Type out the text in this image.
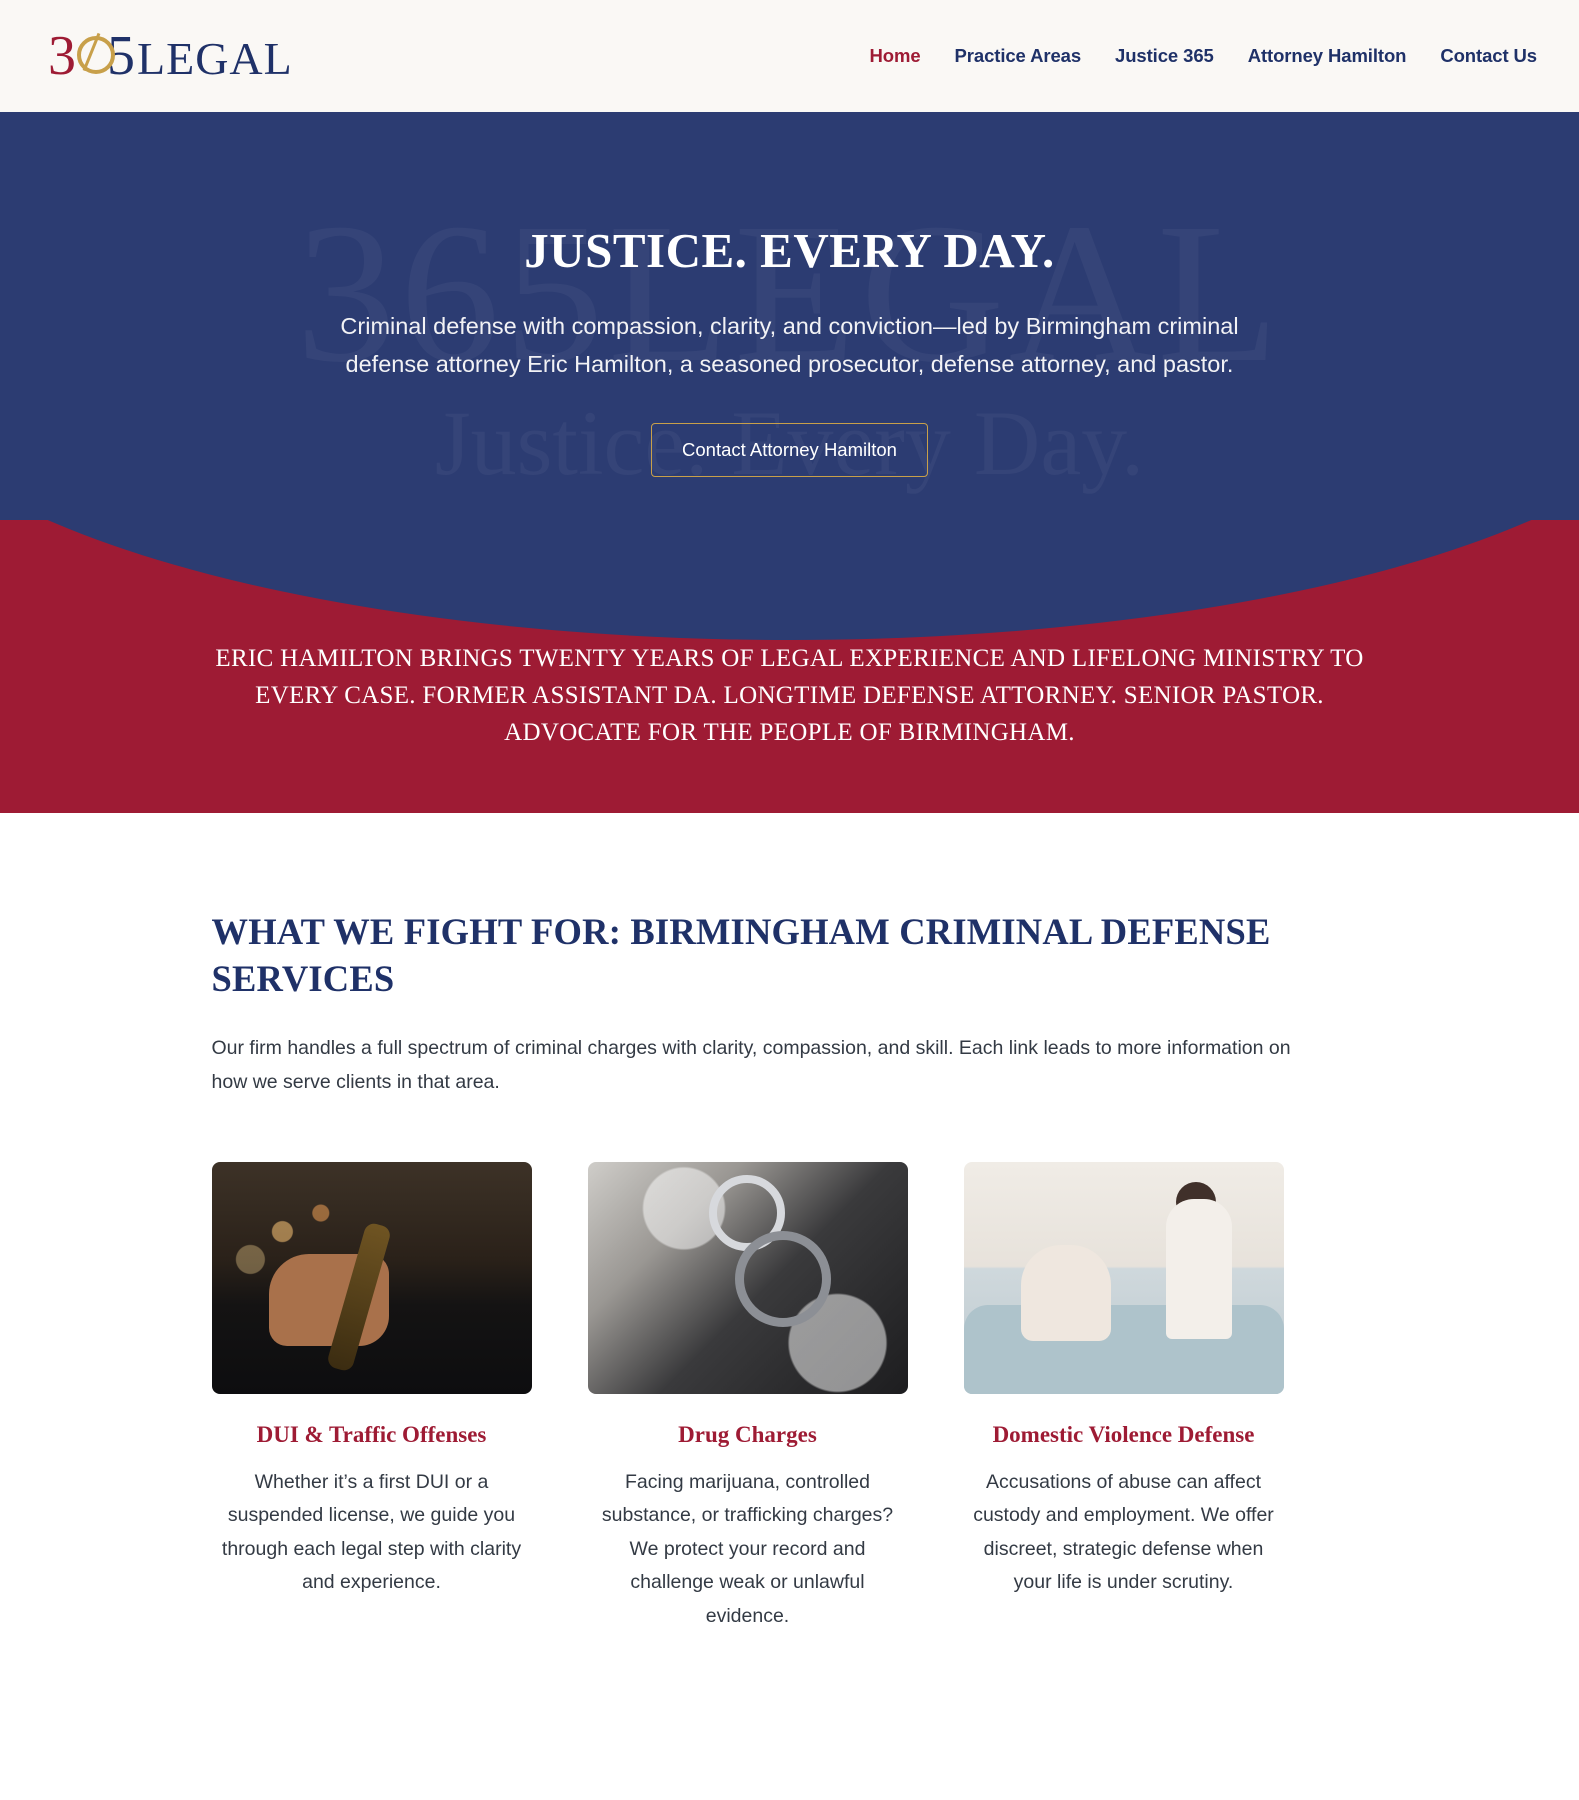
3 5 LEGAL	Home Practice Areas Justice 365 Attorney Hamilton Contact Us
JUSTICE. EVERY DAY.

Criminal defense with compassion, clarity, and conviction—led by Birmingham criminal defense attorney Eric Hamilton, a seasoned prosecutor, defense attorney, and pastor.

Contact Attorney Hamilton

ERIC HAMILTON BRINGS TWENTY YEARS OF LEGAL EXPERIENCE AND LIFELONG MINISTRY TO EVERY CASE. FORMER ASSISTANT DA. LONGTIME DEFENSE ATTORNEY. SENIOR PASTOR. ADVOCATE FOR THE PEOPLE OF BIRMINGHAM.

WHAT WE FIGHT FOR: BIRMINGHAM CRIMINAL DEFENSE SERVICES

Our firm handles a full spectrum of criminal charges with clarity, compassion, and skill. Each link leads to more information on how we serve clients in that area.

DUI & Traffic Offenses

Whether it’s a first DUI or a suspended license, we guide you through each legal step with clarity and experience.

Drug Charges

Facing marijuana, controlled substance, or trafficking charges? We protect your record and challenge weak or unlawful evidence.

Domestic Violence Defense

Accusations of abuse can affect custody and employment. We offer discreet, strategic defense when your life is under scrutiny.
